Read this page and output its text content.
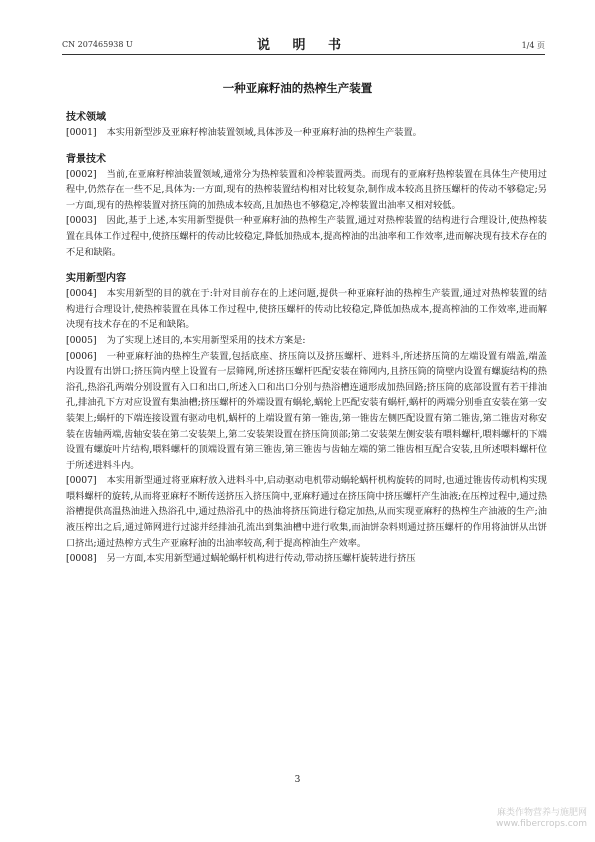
CN 207465938 U	说 明 书	1/4 页
一种亚麻籽油的热榨生产装置
技术领域

[0001] 本实用新型涉及亚麻籽榨油装置领域,具体涉及一种亚麻籽油的热榨生产装置。

背景技术

[0002] 当前,在亚麻籽榨油装置领域,通常分为热榨装置和冷榨装置两类。而现有的亚麻籽热榨装置在具体生产使用过程中,仍然存在一些不足,具体为:一方面,现有的热榨装置结构相对比较复杂,制作成本较高且挤压螺杆的传动不够稳定;另一方面,现有的热榨装置对挤压筒的加热成本较高,且加热也不够稳定,冷榨装置出油率又相对较低。

[0003] 因此,基于上述,本实用新型提供一种亚麻籽油的热榨生产装置,通过对热榨装置的结构进行合理设计,使热榨装置在具体工作过程中,使挤压螺杆的传动比较稳定,降低加热成本,提高榨油的出油率和工作效率,进而解决现有技术存在的不足和缺陷。

实用新型内容

[0004] 本实用新型的目的就在于:针对目前存在的上述问题,提供一种亚麻籽油的热榨生产装置,通过对热榨装置的结构进行合理设计,使热榨装置在具体工作过程中,使挤压螺杆的传动比较稳定,降低加热成本,提高榨油的工作效率,进而解决现有技术存在的不足和缺陷。

[0005] 为了实现上述目的,本实用新型采用的技术方案是:

[0006] 一种亚麻籽油的热榨生产装置,包括底座、挤压筒以及挤压螺杆、进料斗,所述挤压筒的左端设置有端盖,端盖内设置有出饼口;挤压筒内壁上设置有一层筛网,所述挤压螺杆匹配安装在筛网内,且挤压筒的筒壁内设置有螺旋结构的热浴孔,热浴孔两端分别设置有入口和出口,所述入口和出口分别与热浴槽连通形成加热回路;挤压筒的底部设置有若干排油孔,排油孔下方对应设置有集油槽;挤压螺杆的外端设置有蜗轮,蜗轮上匹配安装有蜗杆,蜗杆的两端分别垂直安装在第一安装架上;蜗杆的下端连接设置有驱动电机,蜗杆的上端设置有第一锥齿,第一锥齿左侧匹配设置有第二锥齿,第二锥齿对称安装在齿轴两端,齿轴安装在第二安装架上,第二安装架设置在挤压筒顶部;第二安装架左侧安装有喂料螺杆,喂料螺杆的下端设置有螺旋叶片结构,喂料螺杆的顶端设置有第三锥齿,第三锥齿与齿轴左端的第二锥齿相互配合安装,且所述喂料螺杆位于所述进料斗内。

[0007] 本实用新型通过将亚麻籽放入进料斗中,启动驱动电机带动蜗轮蜗杆机构旋转的同时,也通过锥齿传动机构实现喂料螺杆的旋转,从而将亚麻籽不断传送挤压入挤压筒中,亚麻籽通过在挤压筒中挤压螺杆产生油液;在压榨过程中,通过热浴槽提供高温热油进入热浴孔中,通过热浴孔中的热油将挤压筒进行稳定加热,从而实现亚麻籽的热榨生产油液的生产;油液压榨出之后,通过筛网进行过滤并经排油孔流出到集油槽中进行收集,而油饼杂料则通过挤压螺杆的作用将油饼从出饼口挤出;通过热榨方式生产亚麻籽油的出油率较高,利于提高榨油生产效率。

[0008] 另一方面,本实用新型通过蜗轮蜗杆机构进行传动,带动挤压螺杆旋转进行挤压

3
麻类作物营养与施肥网
www.fibercrops.com
